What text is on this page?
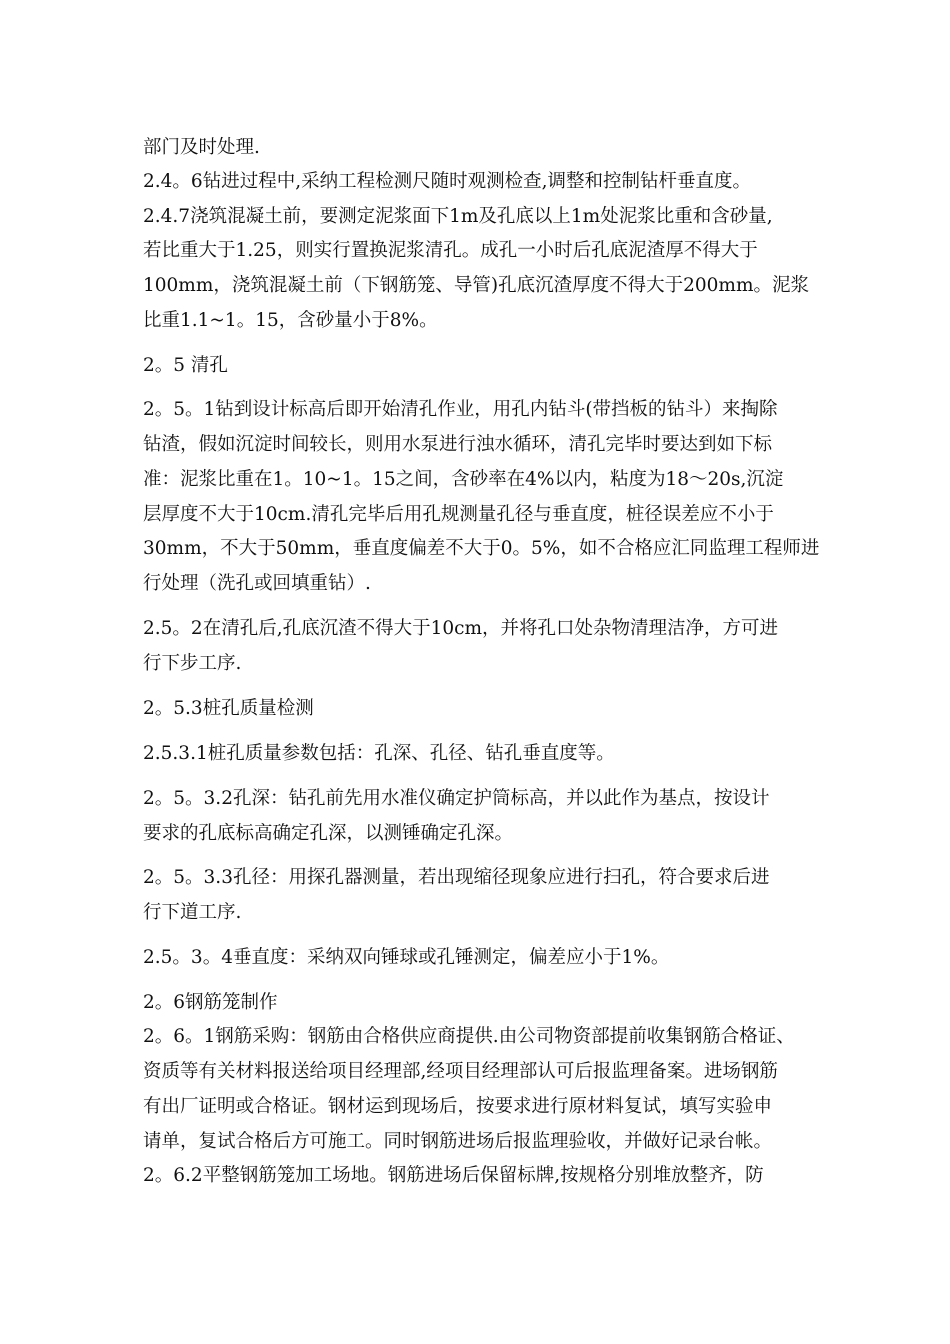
部门及时处理.
2.4。6钻进过程中,采纳工程检测尺随时观测检查,调整和控制钻杆垂直度。
2.4.7浇筑混凝土前，要测定泥浆面下1m及孔底以上1m处泥浆比重和含砂量,
若比重大于1.25，则实行置换泥浆清孔。成孔一小时后孔底泥渣厚不得大于
100mm，浇筑混凝土前（下钢筋笼、导管)孔底沉渣厚度不得大于200mm。泥浆
比重1.1~1。15，含砂量小于8%。
2。5 清孔
2。5。1钻到设计标高后即开始清孔作业，用孔内钻斗(带挡板的钻斗）来掏除
钻渣，假如沉淀时间较长，则用水泵进行浊水循环，清孔完毕时要达到如下标
准：泥浆比重在1。10~1。15之间，含砂率在4%以内，粘度为18～20s,沉淀
层厚度不大于10cm.清孔完毕后用孔规测量孔径与垂直度，桩径误差应不小于
30mm，不大于50mm，垂直度偏差不大于0。5%，如不合格应汇同监理工程师进
行处理（洗孔或回填重钻）.
2.5。2在清孔后,孔底沉渣不得大于10cm，并将孔口处杂物清理洁净，方可进
行下步工序.
2。5.3桩孔质量检测
2.5.3.1桩孔质量参数包括：孔深、孔径、钻孔垂直度等。
2。5。3.2孔深：钻孔前先用水准仪确定护筒标高，并以此作为基点，按设计
要求的孔底标高确定孔深，以测锤确定孔深。
2。5。3.3孔径：用探孔器测量，若出现缩径现象应进行扫孔，符合要求后进
行下道工序.
2.5。3。4垂直度：采纳双向锤球或孔锤测定，偏差应小于1%。
2。6钢筋笼制作
2。6。1钢筋采购：钢筋由合格供应商提供.由公司物资部提前收集钢筋合格证、
资质等有关材料报送给项目经理部,经项目经理部认可后报监理备案。进场钢筋
有出厂证明或合格证。钢材运到现场后，按要求进行原材料复试，填写实验申
请单，复试合格后方可施工。同时钢筋进场后报监理验收，并做好记录台帐。
2。6.2平整钢筋笼加工场地。钢筋进场后保留标牌,按规格分别堆放整齐，防
